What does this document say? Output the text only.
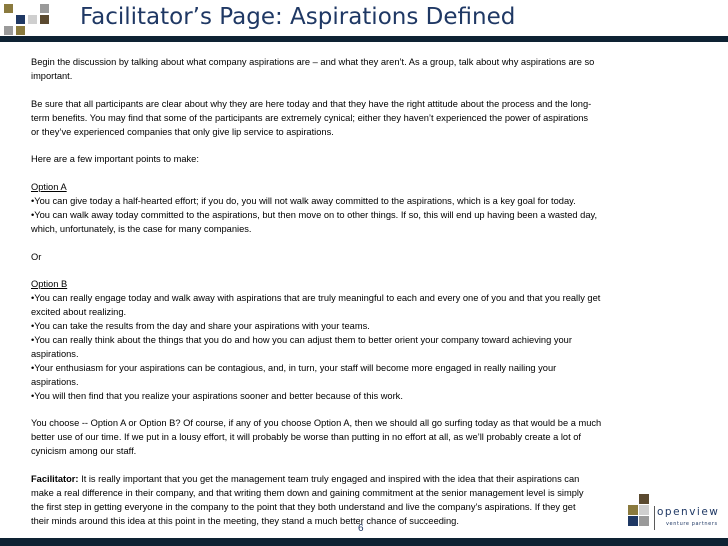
Facilitator’s Page: Aspirations Defined

Begin the discussion by talking about what company aspirations are – and what they aren’t. As a group, talk about why aspirations are so
important.

Be sure that all participants are clear about why they are here today and that they have the right attitude about the process and the long-
term benefits. You may find that some of the participants are extremely cynical; either they haven’t experienced the power of aspirations
or they’ve experienced companies that only give lip service to aspirations.

Here are a few important points to make:

Option A
•You can give today a half-hearted effort; if you do, you will not walk away committed to the aspirations, which is a key goal for today.
•You can walk away today committed to the aspirations, but then move on to other things. If so, this will end up having been a wasted day,
which, unfortunately, is the case for many companies.

Or

Option B
•You can really engage today and walk away with aspirations that are truly meaningful to each and every one of you and that you really get
excited about realizing.
•You can take the results from the day and share your aspirations with your teams.
•You can really think about the things that you do and how you can adjust them to better orient your company toward achieving your
aspirations.
•Your enthusiasm for your aspirations can be contagious, and, in turn, your staff will become more engaged in really nailing your
aspirations.
•You will then find that you realize your aspirations sooner and better because of this work.

You choose -- Option A or Option B? Of course, if any of you choose Option A, then we should all go surfing today as that would be a much
better use of our time. If we put in a lousy effort, it will probably be worse than putting in no effort at all, as we’ll probably create a lot of
cynicism among our staff.

Facilitator: It is really important that you get the management team truly engaged and inspired with the idea that their aspirations can
make a real difference in their company, and that writing them down and gaining commitment at the senior management level is simply
the first step in getting everyone in the company to the point that they both understand and live the company’s aspirations. If they get
their minds around this idea at this point in the meeting, they stand a much better chance of succeeding.

6
openview
venture partners
